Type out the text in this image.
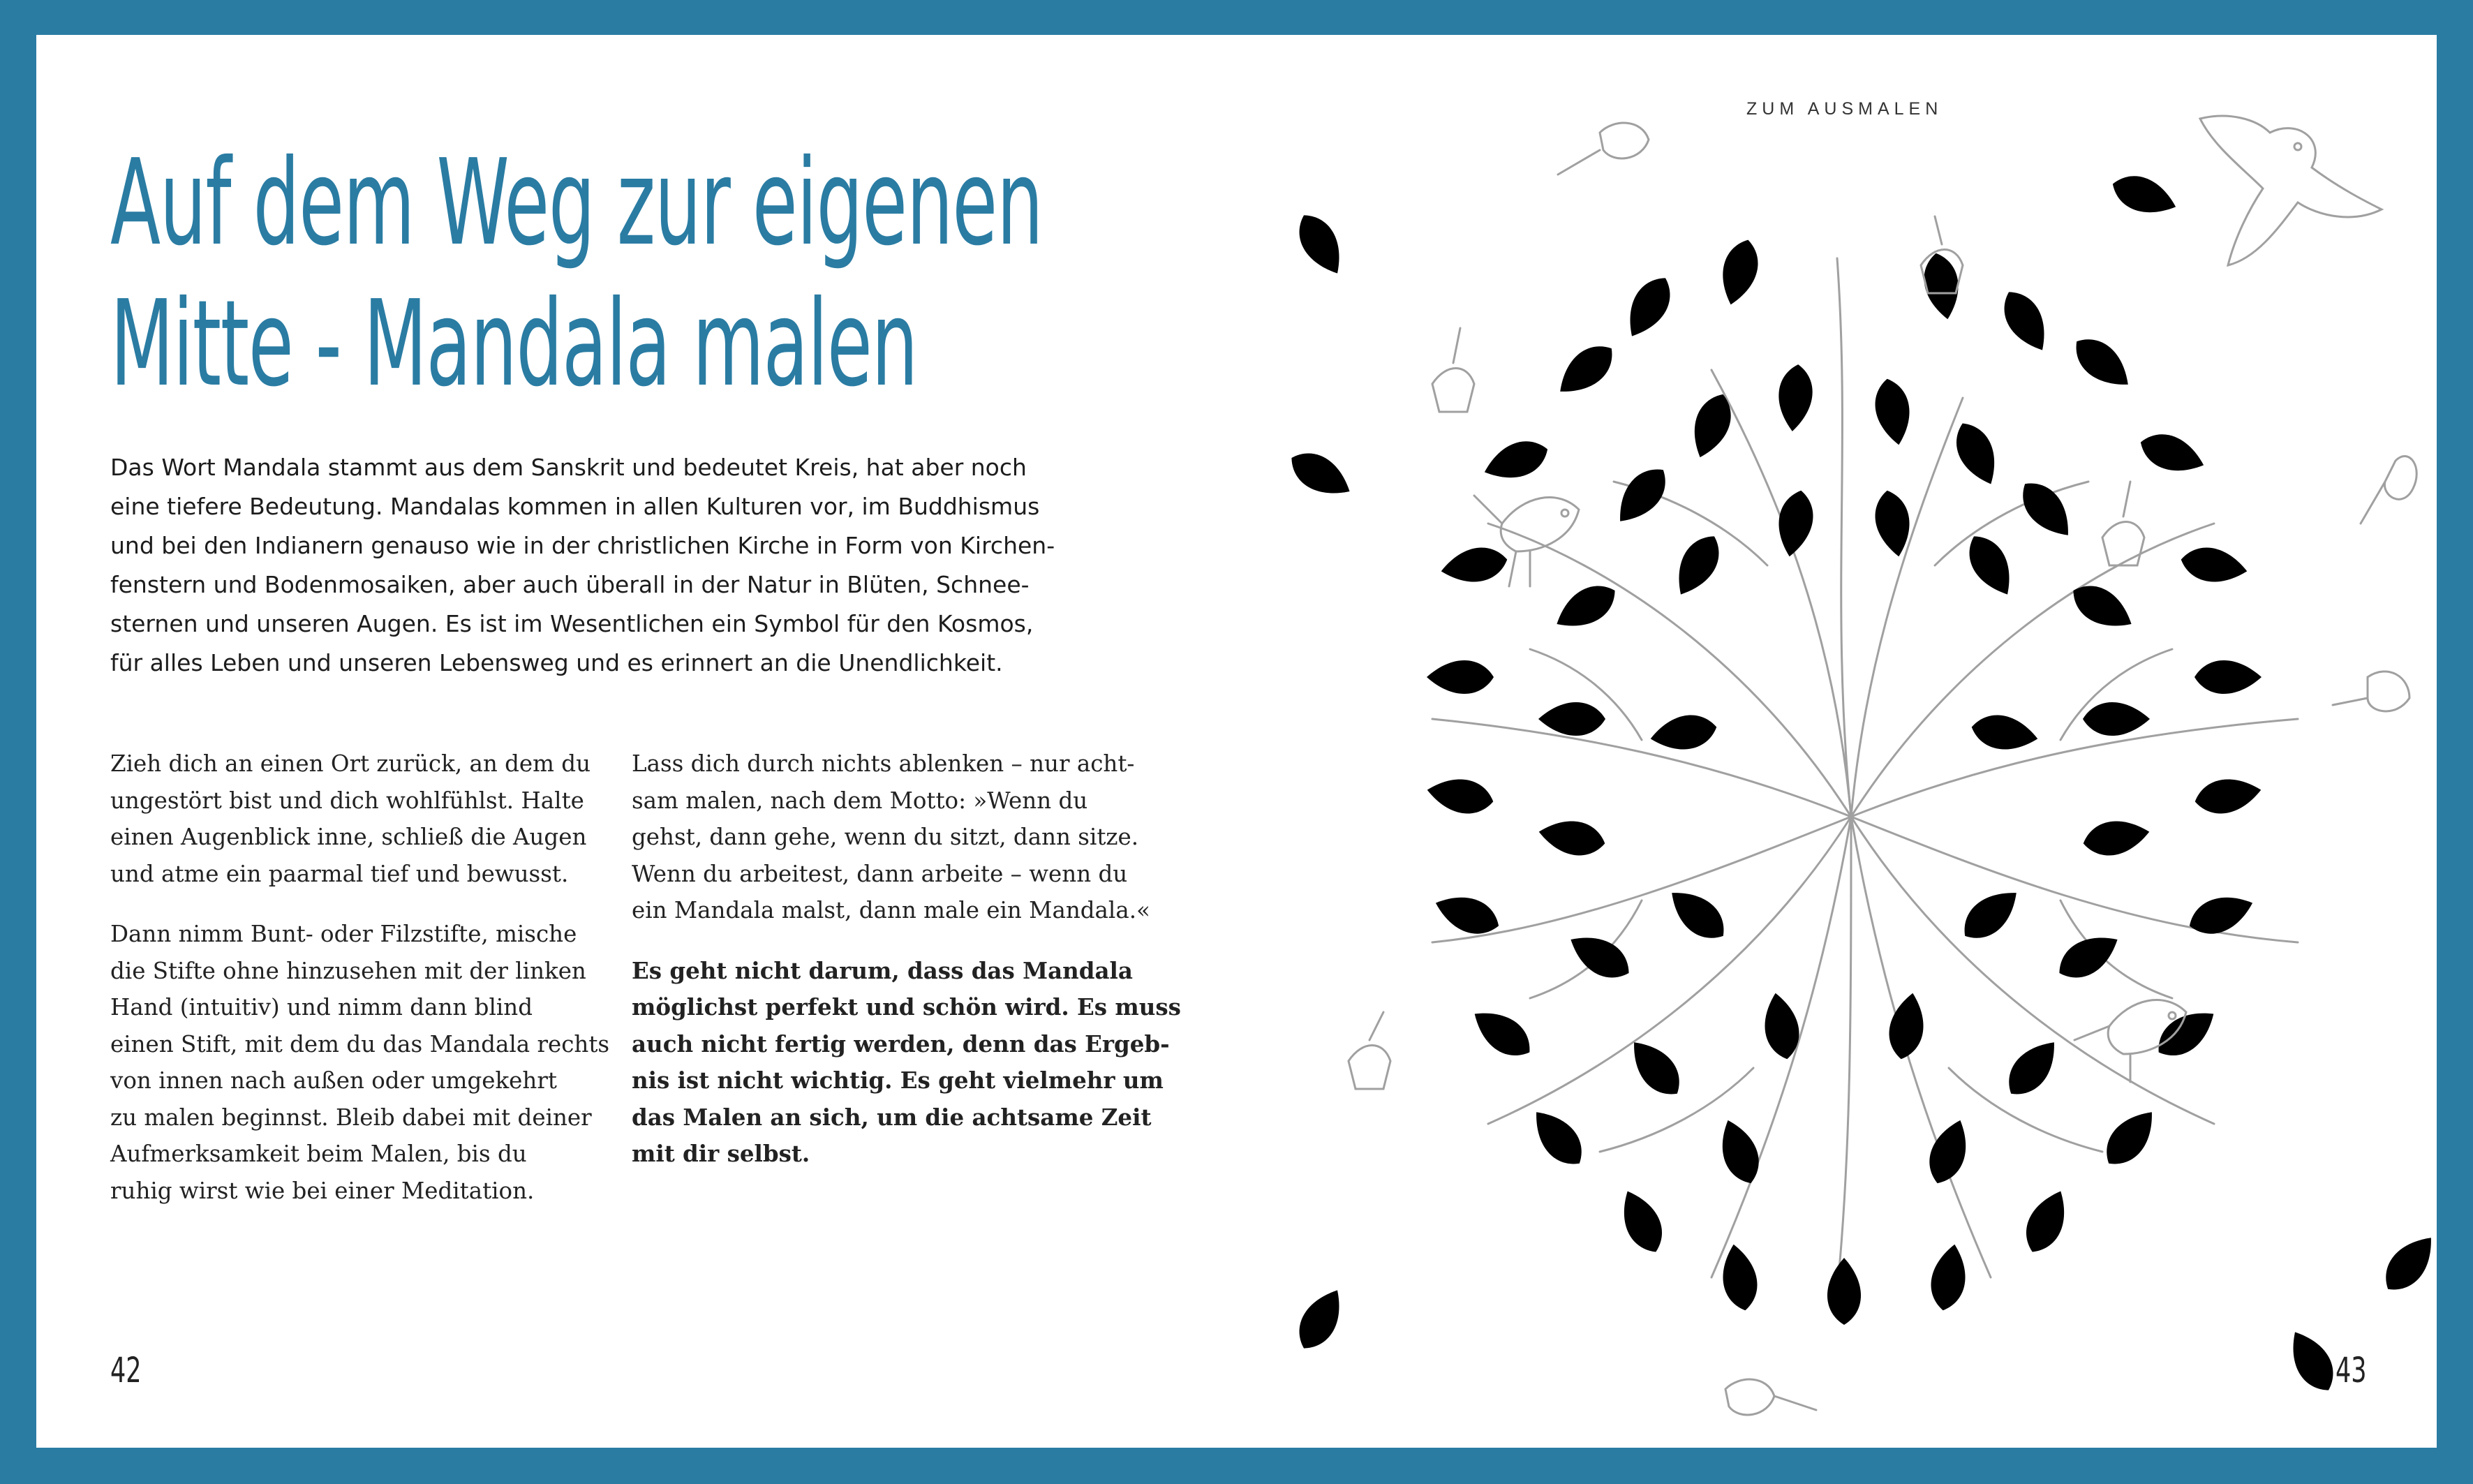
Auf dem Weg zur eigenen
Mitte - Mandala malen

Das Wort Mandala stammt aus dem Sanskrit und bedeutet Kreis, hat aber noch
eine tiefere Bedeutung. Mandalas kommen in allen Kulturen vor, im Buddhismus
und bei den Indianern genauso wie in der christlichen Kirche in Form von Kirchen-
fenstern und Bodenmosaiken, aber auch überall in der Natur in Blüten, Schnee-
sternen und unseren Augen. Es ist im Wesentlichen ein Symbol für den Kosmos,
für alles Leben und unseren Lebensweg und es erinnert an die Unendlichkeit.

Zieh dich an einen Ort zurück, an dem du
ungestört bist und dich wohlfühlst. Halte
einen Augenblick inne, schließ die Augen
und atme ein paarmal tief und bewusst.

Dann nimm Bunt- oder Filzstifte, mische
die Stifte ohne hinzusehen mit der linken
Hand (intuitiv) und nimm dann blind
einen Stift, mit dem du das Mandala rechts
von innen nach außen oder umgekehrt
zu malen beginnst. Bleib dabei mit deiner
Aufmerksamkeit beim Malen, bis du
ruhig wirst wie bei einer Meditation.

Lass dich durch nichts ablenken – nur acht-
sam malen, nach dem Motto: »Wenn du
gehst, dann gehe, wenn du sitzt, dann sitze.
Wenn du arbeitest, dann arbeite – wenn du
ein Mandala malst, dann male ein Mandala.«

Es geht nicht darum, dass das Mandala
möglichst perfekt und schön wird. Es muss
auch nicht fertig werden, denn das Ergeb-
nis ist nicht wichtig. Es geht vielmehr um
das Malen an sich, um die achtsame Zeit
mit dir selbst.

42
ZUM AUSMALEN
43
